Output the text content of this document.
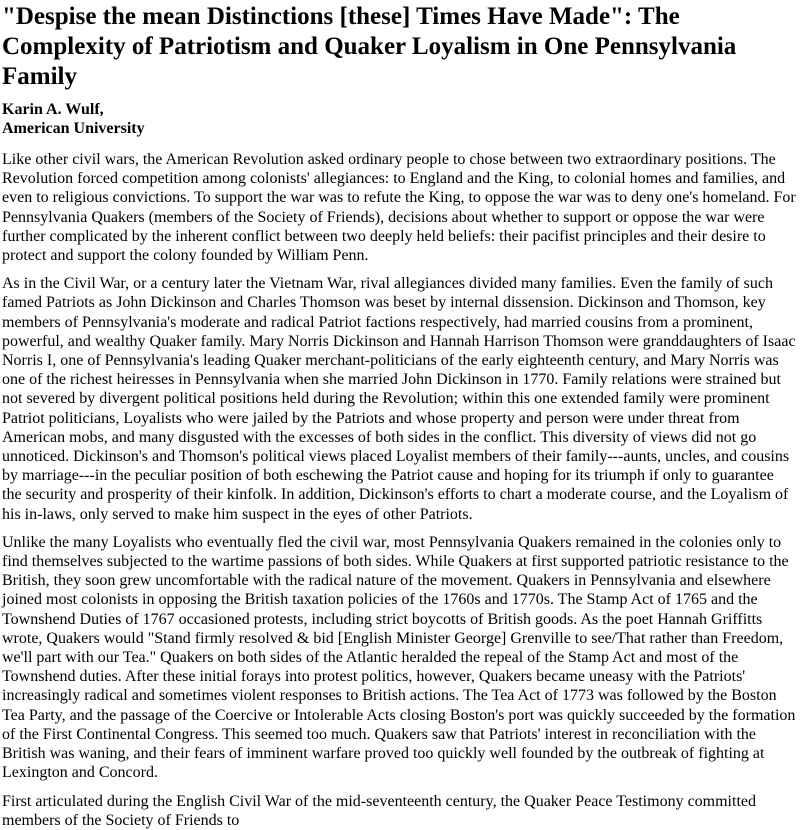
"Despise the mean Distinctions [these] Times Have Made": The Complexity of Patriotism and Quaker Loyalism in One Pennsylvania Family
Karin A. Wulf,
American University

Like other civil wars, the American Revolution asked ordinary people to chose between two extraordinary positions. The Revolution forced competition among colonists' allegiances: to England and the King, to colonial homes and families, and even to religious convictions. To support the war was to refute the King, to oppose the war was to deny one's homeland. For Pennsylvania Quakers (members of the Society of Friends), decisions about whether to support or oppose the war were further complicated by the inherent conflict between two deeply held beliefs: their pacifist principles and their desire to protect and support the colony founded by William Penn.

As in the Civil War, or a century later the Vietnam War, rival allegiances divided many families. Even the family of such famed Patriots as John Dickinson and Charles Thomson was beset by internal dissension. Dickinson and Thomson, key members of Pennsylvania's moderate and radical Patriot factions respectively, had married cousins from a prominent, powerful, and wealthy Quaker family. Mary Norris Dickinson and Hannah Harrison Thomson were granddaughters of Isaac Norris I, one of Pennsylvania's leading Quaker merchant-politicians of the early eighteenth century, and Mary Norris was one of the richest heiresses in Pennsylvania when she married John Dickinson in 1770. Family relations were strained but not severed by divergent political positions held during the Revolution; within this one extended family were prominent Patriot politicians, Loyalists who were jailed by the Patriots and whose property and person were under threat from American mobs, and many disgusted with the excesses of both sides in the conflict. This diversity of views did not go unnoticed. Dickinson's and Thomson's political views placed Loyalist members of their family---aunts, uncles, and cousins by marriage---in the peculiar position of both eschewing the Patriot cause and hoping for its triumph if only to guarantee the security and prosperity of their kinfolk. In addition, Dickinson's efforts to chart a moderate course, and the Loyalism of his in-laws, only served to make him suspect in the eyes of other Patriots.

Unlike the many Loyalists who eventually fled the civil war, most Pennsylvania Quakers remained in the colonies only to find themselves subjected to the wartime passions of both sides. While Quakers at first supported patriotic resistance to the British, they soon grew uncomfortable with the radical nature of the movement. Quakers in Pennsylvania and elsewhere joined most colonists in opposing the British taxation policies of the 1760s and 1770s. The Stamp Act of 1765 and the Townshend Duties of 1767 occasioned protests, including strict boycotts of British goods. As the poet Hannah Griffitts wrote, Quakers would "Stand firmly resolved & bid [English Minister George] Grenville to see/That rather than Freedom, we'll part with our Tea." Quakers on both sides of the Atlantic heralded the repeal of the Stamp Act and most of the Townshend duties. After these initial forays into protest politics, however, Quakers became uneasy with the Patriots' increasingly radical and sometimes violent responses to British actions. The Tea Act of 1773 was followed by the Boston Tea Party, and the passage of the Coercive or Intolerable Acts closing Boston's port was quickly succeeded by the formation of the First Continental Congress. This seemed too much. Quakers saw that Patriots' interest in reconciliation with the British was waning, and their fears of imminent warfare proved too quickly well founded by the outbreak of fighting at Lexington and Concord.

First articulated during the English Civil War of the mid-seventeenth century, the Quaker Peace Testimony committed members of the Society of Friends to
